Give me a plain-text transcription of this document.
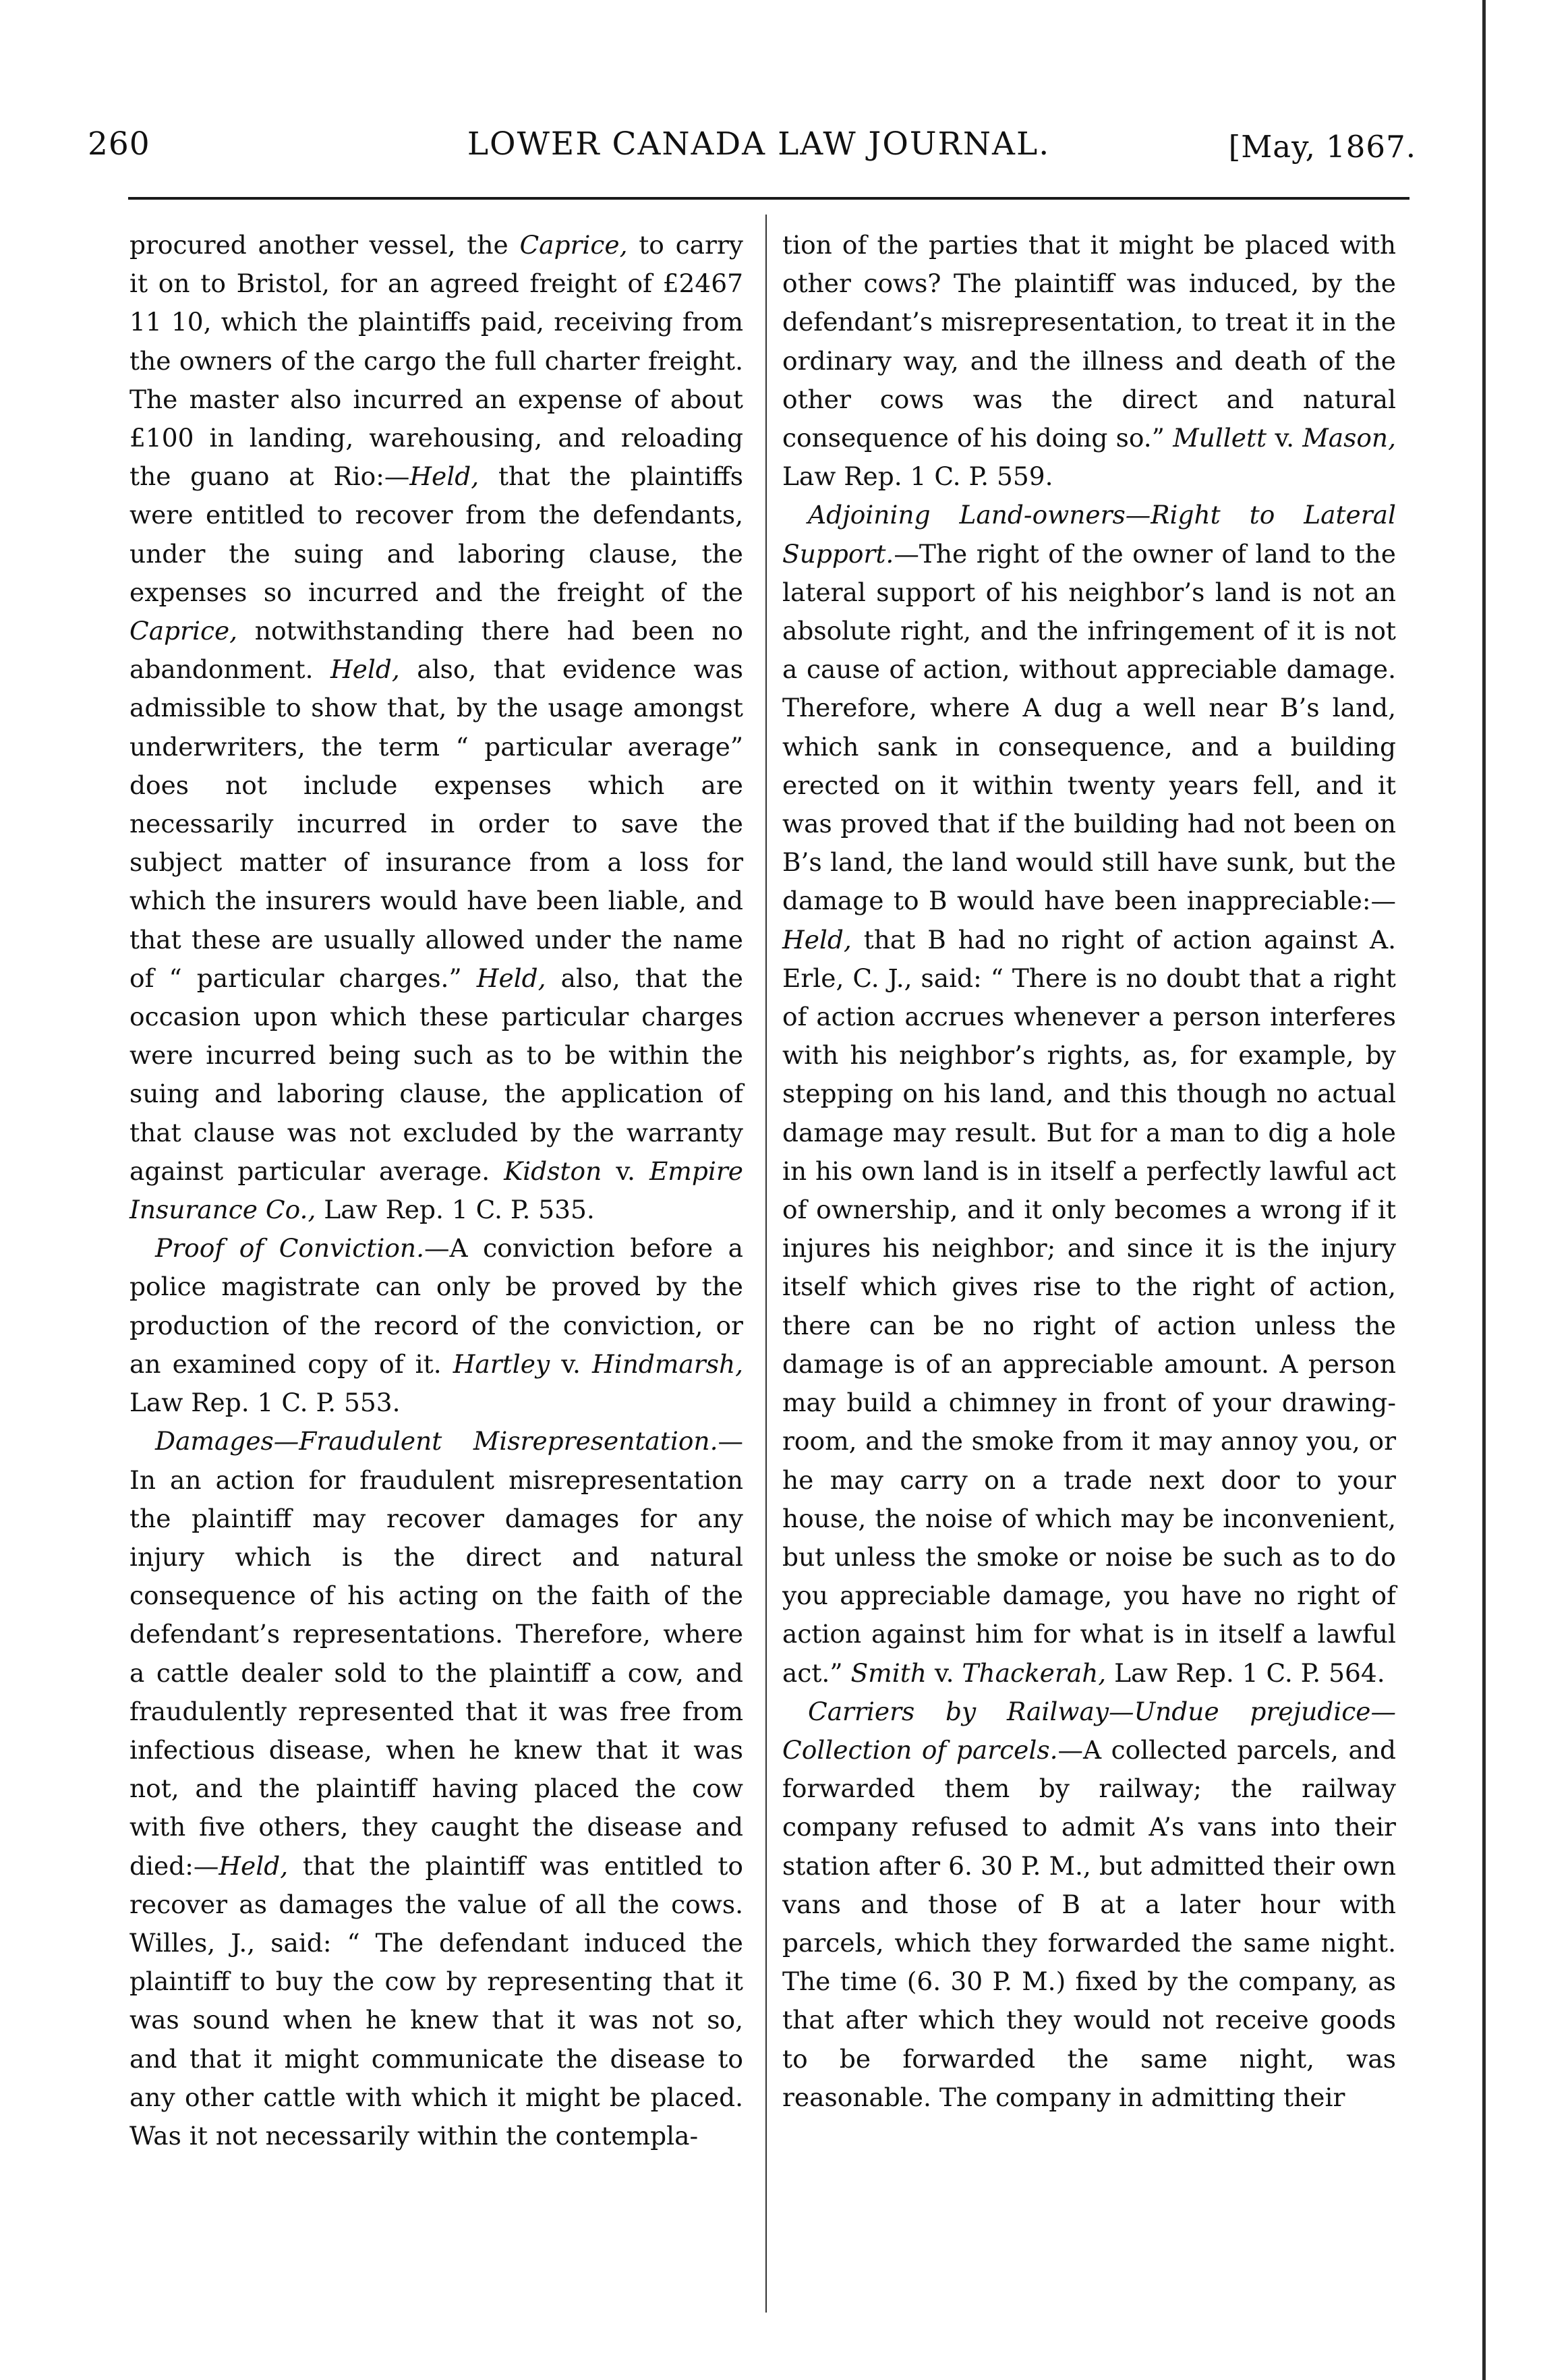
260	LOWER CANADA LAW JOURNAL.	[May, 1867.

procured another vessel, the Caprice, to carry it on to Bristol, for an agreed freight of £2467 11 10, which the plaintiffs paid, receiving from the owners of the cargo the full charter freight. The master also incurred an expense of about £100 in landing, warehousing, and reloading the guano at Rio:—Held, that the plaintiffs were entitled to recover from the defendants, under the suing and laboring clause, the expenses so incurred and the freight of the Caprice, notwithstanding there had been no abandonment. Held, also, that evidence was admissible to show that, by the usage amongst underwriters, the term “ particular average” does not include expenses which are necessarily incurred in order to save the subject matter of insurance from a loss for which the insurers would have been liable, and that these are usually allowed under the name of “ particular charges.” Held, also, that the occasion upon which these particular charges were incurred being such as to be within the suing and laboring clause, the application of that clause was not excluded by the warranty against particular average. Kidston v. Empire Insurance Co., Law Rep. 1 C. P. 535.

Proof of Conviction.—A conviction before a police magistrate can only be proved by the production of the record of the conviction, or an examined copy of it. Hartley v. Hindmarsh, Law Rep. 1 C. P. 553.

Damages—Fraudulent Misrepresentation.— In an action for fraudulent misrepresentation the plaintiff may recover damages for any injury which is the direct and natural consequence of his acting on the faith of the defendant’s representations. Therefore, where a cattle dealer sold to the plaintiff a cow, and fraudulently represented that it was free from infectious disease, when he knew that it was not, and the plaintiff having placed the cow with five others, they caught the disease and died:—Held, that the plaintiff was entitled to recover as damages the value of all the cows. Willes, J., said: “ The defendant induced the plaintiff to buy the cow by representing that it was sound when he knew that it was not so, and that it might communicate the disease to any other cattle with which it might be placed. Was it not necessarily within the contempla-

tion of the parties that it might be placed with other cows? The plaintiff was induced, by the defendant’s misrepresentation, to treat it in the ordinary way, and the illness and death of the other cows was the direct and natural consequence of his doing so.” Mullett v. Mason, Law Rep. 1 C. P. 559.

Adjoining Land-owners—Right to Lateral Support.—The right of the owner of land to the lateral support of his neighbor’s land is not an absolute right, and the infringement of it is not a cause of action, without appreciable damage. Therefore, where A dug a well near B’s land, which sank in consequence, and a building erected on it within twenty years fell, and it was proved that if the building had not been on B’s land, the land would still have sunk, but the damage to B would have been inappreciable:—Held, that B had no right of action against A. Erle, C. J., said: “ There is no doubt that a right of action accrues whenever a person interferes with his neighbor’s rights, as, for example, by stepping on his land, and this though no actual damage may result. But for a man to dig a hole in his own land is in itself a perfectly lawful act of ownership, and it only becomes a wrong if it injures his neighbor; and since it is the injury itself which gives rise to the right of action, there can be no right of action unless the damage is of an appreciable amount. A person may build a chimney in front of your drawing-room, and the smoke from it may annoy you, or he may carry on a trade next door to your house, the noise of which may be inconvenient, but unless the smoke or noise be such as to do you appreciable damage, you have no right of action against him for what is in itself a lawful act.” Smith v. Thackerah, Law Rep. 1 C. P. 564.

Carriers by Railway—Undue prejudice—Collection of parcels.—A collected parcels, and forwarded them by railway; the railway company refused to admit A’s vans into their station after 6. 30 P. M., but admitted their own vans and those of B at a later hour with parcels, which they forwarded the same night. The time (6. 30 P. M.) fixed by the company, as that after which they would not receive goods to be forwarded the same night, was reasonable. The company in admitting their
